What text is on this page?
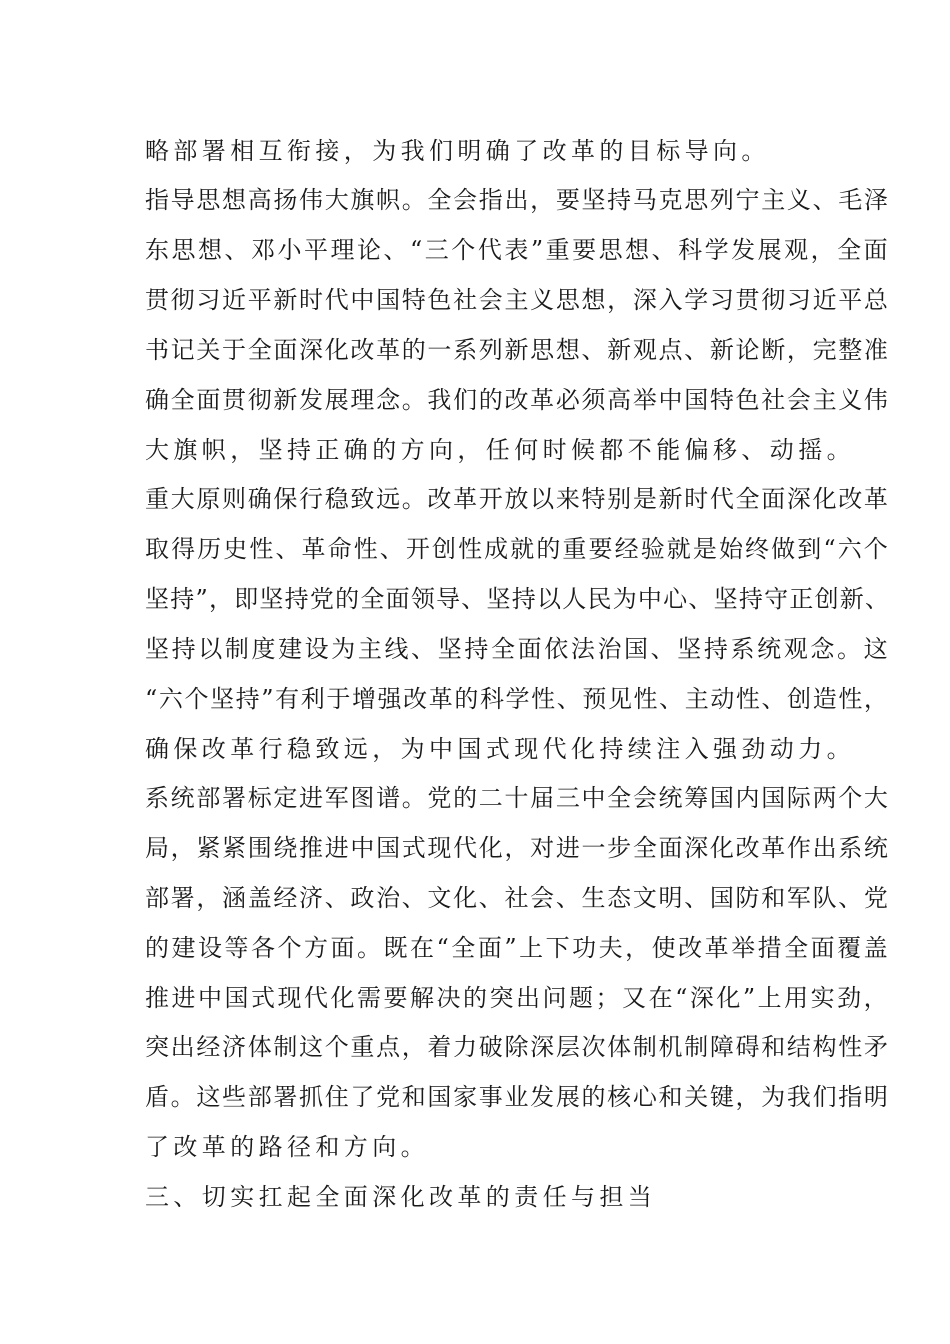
略部署相互衔接，为我们明确了改革的目标导向。
指导思想高扬伟大旗帜。全会指出，要坚持马克思列宁主义、毛泽
东思想、邓小平理论、“三个代表”重要思想、科学发展观，全面
贯彻习近平新时代中国特色社会主义思想，深入学习贯彻习近平总
书记关于全面深化改革的一系列新思想、新观点、新论断，完整准
确全面贯彻新发展理念。我们的改革必须高举中国特色社会主义伟
大旗帜，坚持正确的方向，任何时候都不能偏移、动摇。
重大原则确保行稳致远。改革开放以来特别是新时代全面深化改革
取得历史性、革命性、开创性成就的重要经验就是始终做到“六个
坚持”，即坚持党的全面领导、坚持以人民为中心、坚持守正创新、
坚持以制度建设为主线、坚持全面依法治国、坚持系统观念。这
“六个坚持”有利于增强改革的科学性、预见性、主动性、创造性，
确保改革行稳致远，为中国式现代化持续注入强劲动力。
系统部署标定进军图谱。党的二十届三中全会统筹国内国际两个大
局，紧紧围绕推进中国式现代化，对进一步全面深化改革作出系统
部署，涵盖经济、政治、文化、社会、生态文明、国防和军队、党
的建设等各个方面。既在“全面”上下功夫，使改革举措全面覆盖
推进中国式现代化需要解决的突出问题；又在“深化”上用实劲，
突出经济体制这个重点，着力破除深层次体制机制障碍和结构性矛
盾。这些部署抓住了党和国家事业发展的核心和关键，为我们指明
了改革的路径和方向。
三、切实扛起全面深化改革的责任与担当
